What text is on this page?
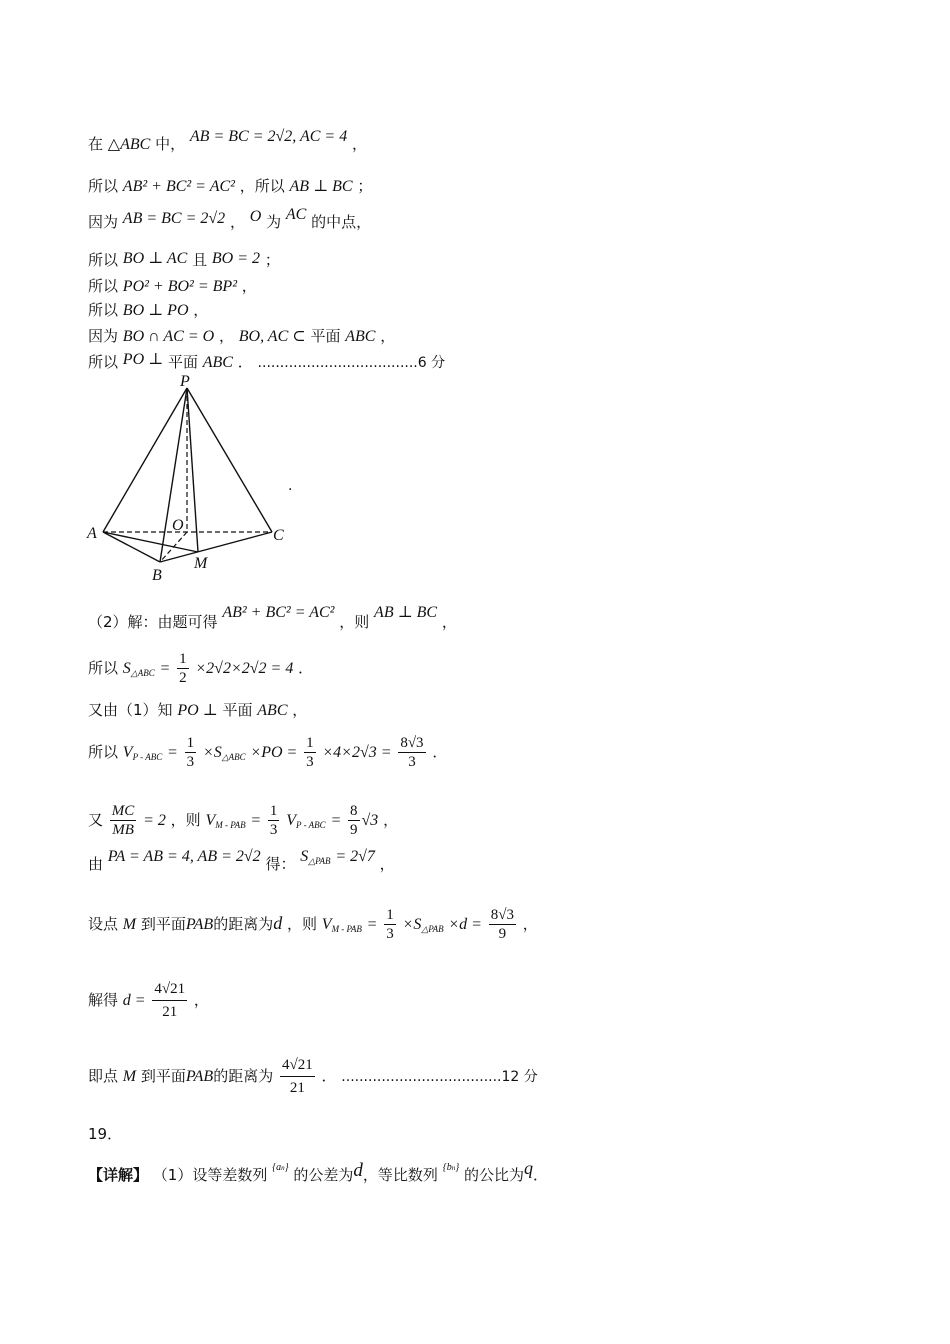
在 △ABC 中， AB = BC = 2√2, AC = 4 ，
所以 AB² + BC² = AC² ，所以 AB ⊥ BC ；
因为 AB = BC = 2√2 ， O 为 AC 的中点，
所以 BO ⊥ AC 且 BO = 2 ；
所以 PO² + BO² = BP² ，
所以 BO ⊥ PO ，
因为 BO ∩ AC = O ， BO, AC ⊂ 平面 ABC ，
所以 PO ⊥ 平面 ABC ． ....................................6 分
P
A	C
B
O
M
.
（2）解：由题可得 AB² + BC² = AC² ，则 AB ⊥ BC ，
所以 $S_{\triangle ABC} = \frac{1}{2} \times 2√2\times 2√2 = 4$ ．
又由（1）知 PO ⊥ 平面 ABC ，
所以 $V_{P - ABC} = \frac{1}{3} \times S_{\triangle ABC} \times PO = \frac{1}{3} \times 4\times 2√3 = \frac{8√3}{3}$ ．
又 $\frac{MC}{MB} = 2$ ，则 $V_{M - PAB} = \frac{1}{3} V_{P - ABC} = \frac{8}{9} √3$ ，
由 PA = AB = 4, AB = 2√2 得： $S_{\triangle PAB} = 2√7$ ，
设点 M 到平面PAB的距离为d ，则 $V_{M - PAB} = \frac{1}{3} \times S_{\triangle PAB} \times d = \frac{8√3}{9}$ ，
解得 $d = \frac{4√21}{21}$ ，
即点 M 到平面PAB的距离为 $\frac{4√21}{21}$ ． ....................................12 分
19．
【详解】 （1）设等差数列 $^{\{an\}}$ 的公差为d，等比数列 $^{\{bn\}}$ 的公比为q．
